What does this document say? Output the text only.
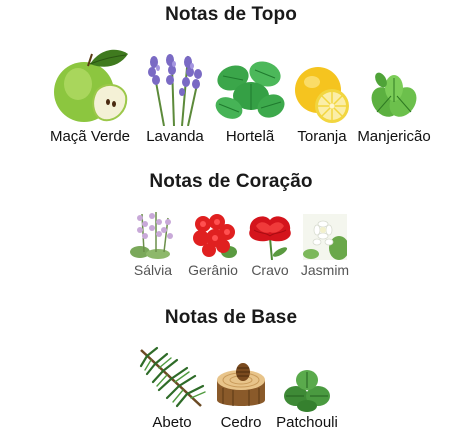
Notas de Topo
Maçã Verde Lavanda Hortelã Toranja Manjericão
Notas de Coração
Sálvia Gerânio Cravo Jasmim
Notas de Base
Abeto Cedro Patchouli
